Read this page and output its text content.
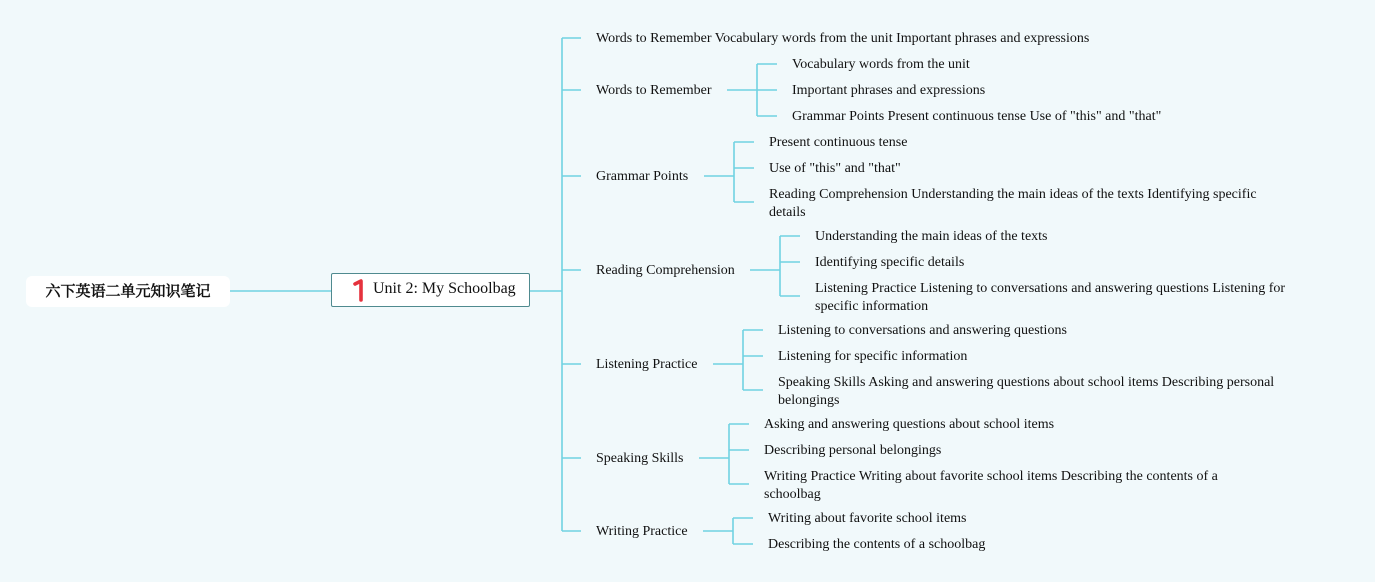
六下英语二单元知识笔记	Unit 2: My Schoolbag
Words to Remember Vocabulary words from the unit Important phrases and expressions
Words to Remember
Vocabulary words from the unit
Important phrases and expressions
Grammar Points Present continuous tense Use of "this" and "that"
Grammar Points
Present continuous tense
Use of "this" and "that"
Reading Comprehension Understanding the main ideas of the texts Identifying specific details
Reading Comprehension
Understanding the main ideas of the texts
Identifying specific details
Listening Practice Listening to conversations and answering questions Listening for specific information
Listening Practice
Listening to conversations and answering questions
Listening for specific information
Speaking Skills Asking and answering questions about school items Describing personal belongings
Speaking Skills
Asking and answering questions about school items
Describing personal belongings
Writing Practice Writing about favorite school items Describing the contents of a schoolbag
Writing Practice
Writing about favorite school items
Describing the contents of a schoolbag
